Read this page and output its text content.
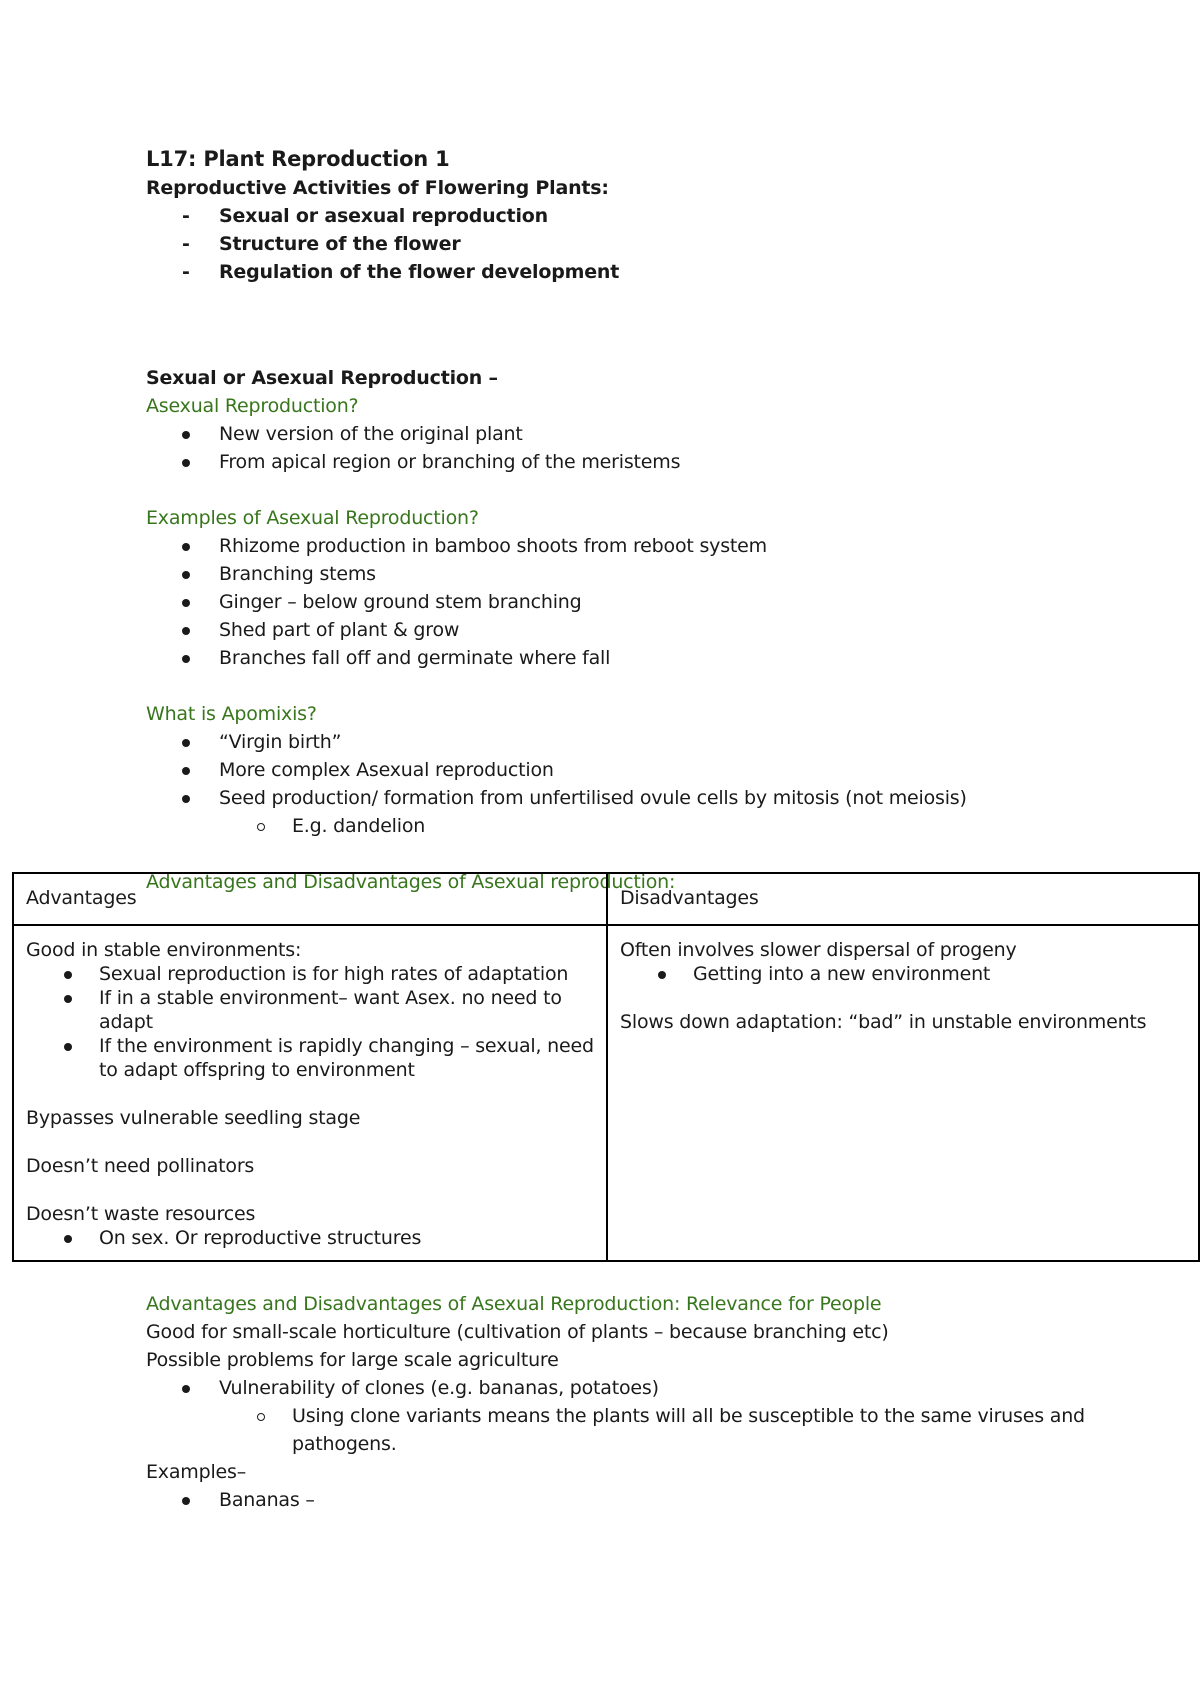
L17: Plant Reproduction 1
Reproductive Activities of Flowering Plants:
- Sexual or asexual reproduction
- Structure of the flower
- Regulation of the flower development
Sexual or Asexual Reproduction –
Asexual Reproduction?
New version of the original plant
From apical region or branching of the meristems
Examples of Asexual Reproduction?
Rhizome production in bamboo shoots from reboot system
Branching stems
Ginger – below ground stem branching
Shed part of plant & grow
Branches fall off and germinate where fall
What is Apomixis?
“Virgin birth”
More complex Asexual reproduction
Seed production/ formation from unfertilised ovule cells by mitosis (not meiosis)
E.g. dandelion
Advantages and Disadvantages of Asexual reproduction:
Advantages	Disadvantages
Good in stable environments:
Sexual reproduction is for high rates of adaptation
If in a stable environment– want Asex. no need to adapt
If the environment is rapidly changing – sexual, need to adapt offspring to environment
Bypasses vulnerable seedling stage
Doesn’t need pollinators
Doesn’t waste resources
On sex. Or reproductive structures
Often involves slower dispersal of progeny
Getting into a new environment
Slows down adaptation: “bad” in unstable environments
Advantages and Disadvantages of Asexual Reproduction: Relevance for People
Good for small-scale horticulture (cultivation of plants – because branching etc)
Possible problems for large scale agriculture
Vulnerability of clones (e.g. bananas, potatoes)
Using clone variants means the plants will all be susceptible to the same viruses and pathogens.
Examples–
Bananas –
